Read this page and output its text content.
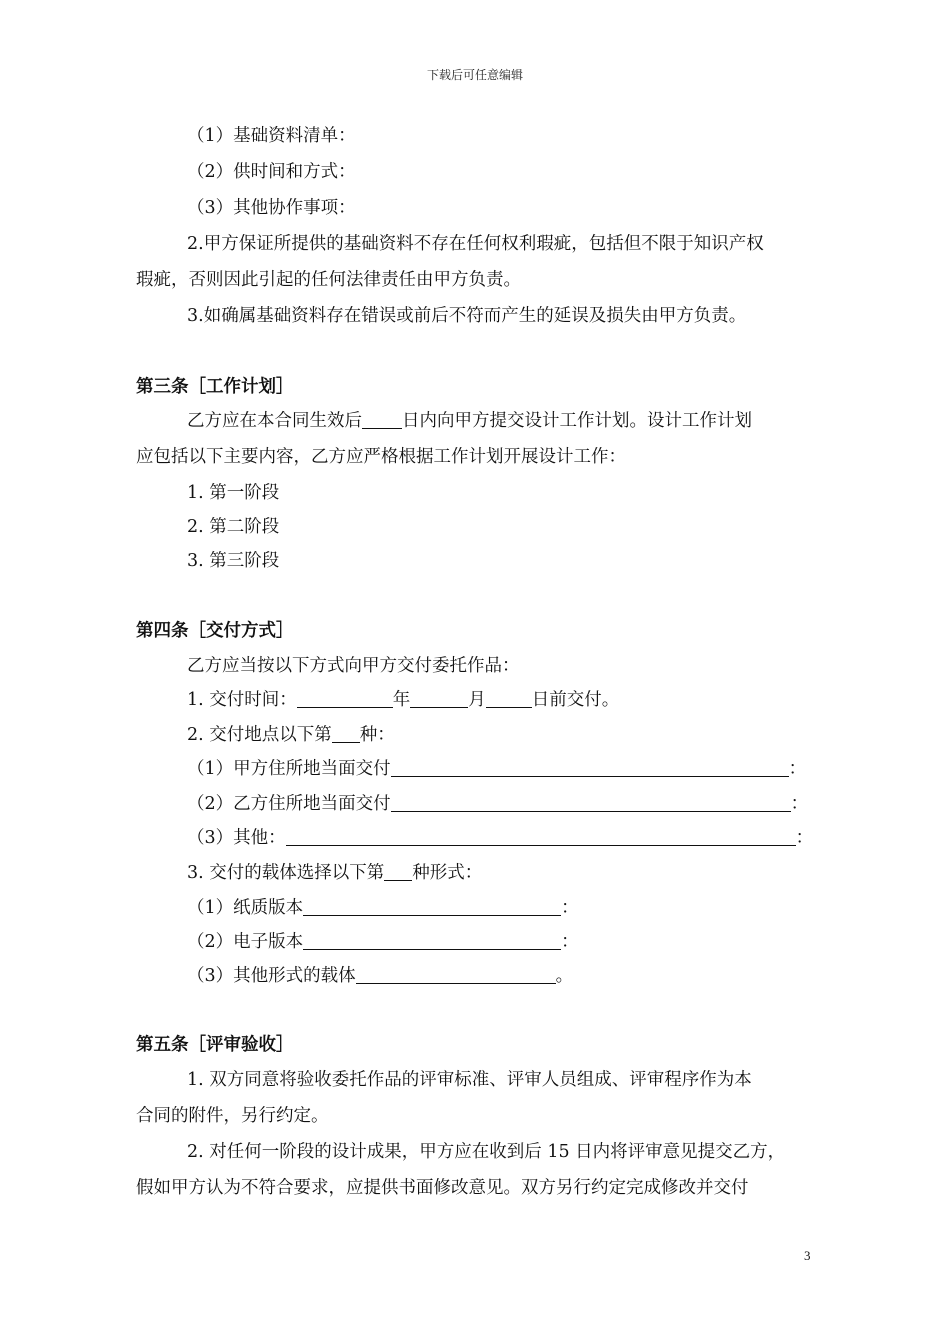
下载后可任意编辑
（1）基础资料清单：
（2）供时间和方式：
（3）其他协作事项：
2.甲方保证所提供的基础资料不存在任何权利瑕疵，包括但不限于知识产权
瑕疵，否则因此引起的任何法律责任由甲方负责。
3.如确属基础资料存在错误或前后不符而产生的延误及损失由甲方负责。
第三条［工作计划］
乙方应在本合同生效后 日内向甲方提交设计工作计划。设计工作计划
应包括以下主要内容，乙方应严格根据工作计划开展设计工作：
1. 第一阶段
2. 第二阶段
3. 第三阶段
第四条［交付方式］
乙方应当按以下方式向甲方交付委托作品：
1. 交付时间：	年	月	日前交付。
2. 交付地点以下第 种：
（1）甲方住所地当面交付	：
（2）乙方住所地当面交付	：
（3）其他：	：
3. 交付的载体选择以下第 种形式：
（1）纸质版本	：
（2）电子版本	：
（3）其他形式的载体	。
第五条［评审验收］
1. 双方同意将验收委托作品的评审标准、评审人员组成、评审程序作为本
合同的附件，另行约定。
2. 对任何一阶段的设计成果，甲方应在收到后 15 日内将评审意见提交乙方，
假如甲方认为不符合要求，应提供书面修改意见。双方另行约定完成修改并交付
3
